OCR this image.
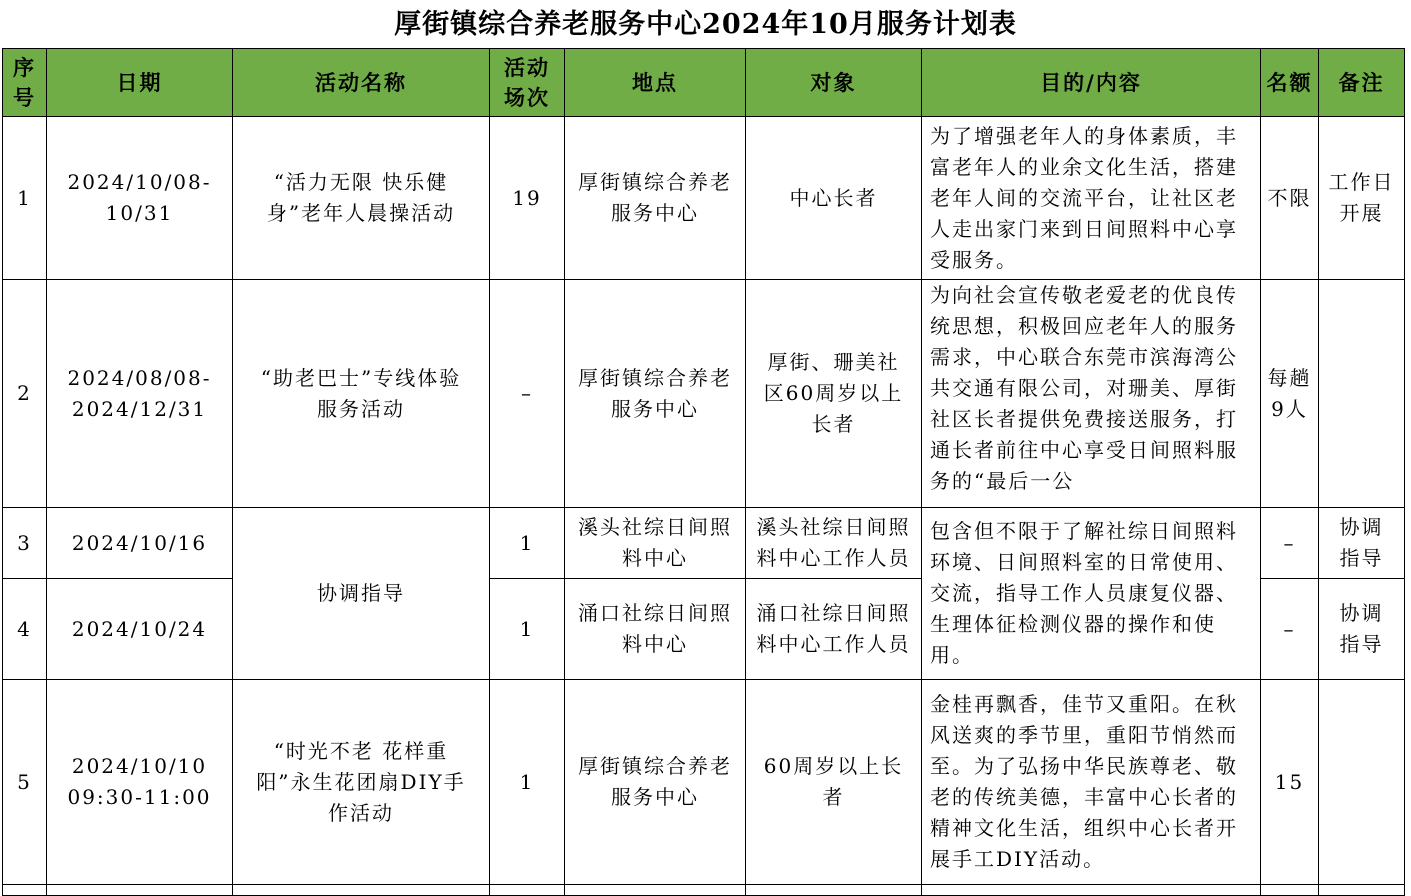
厚街镇综合养老服务中心2024年10月服务计划表
序号	日期	活动名称	活动场次	地点	对象	目的/内容	名额	备注
1	2024/10/08-10/31	“活力无限 快乐健身”老年人晨操活动	19	厚街镇综合养老服务中心	中心长者	为了增强老年人的身体素质，丰富老年人的业余文化生活，搭建老年人间的交流平台，让社区老人走出家门来到日间照料中心享受服务。	不限	工作日开展
2	2024/08/08-2024/12/31	“助老巴士”专线体验服务活动	–	厚街镇综合养老服务中心	厚街、珊美社区60周岁以上长者	为向社会宣传敬老爱老的优良传统思想，积极回应老年人的服务需求，中心联合东莞市滨海湾公共交通有限公司，对珊美、厚街社区长者提供免费接送服务，打通长者前往中心享受日间照料服务的“最后一公	每趟9人	
3	2024/10/16	协调指导	1	溪头社综日间照料中心	溪头社综日间照料中心工作人员	包含但不限于了解社综日间照料环境、日间照料室的日常使用、交流，指导工作人员康复仪器、生理体征检测仪器的操作和使用。	–	协调指导
4	2024/10/24		1	涌口社综日间照料中心	涌口社综日间照料中心工作人员		–	协调指导
5	2024/10/10 09:30-11:00	“时光不老 花样重阳”永生花团扇DIY手作活动	1	厚街镇综合养老服务中心	60周岁以上长者	金桂再飘香，佳节又重阳。在秋风送爽的季节里，重阳节悄然而至。为了弘扬中华民族尊老、敬老的传统美德，丰富中心长者的精神文化生活，组织中心长者开展手工DIY活动。	15	
